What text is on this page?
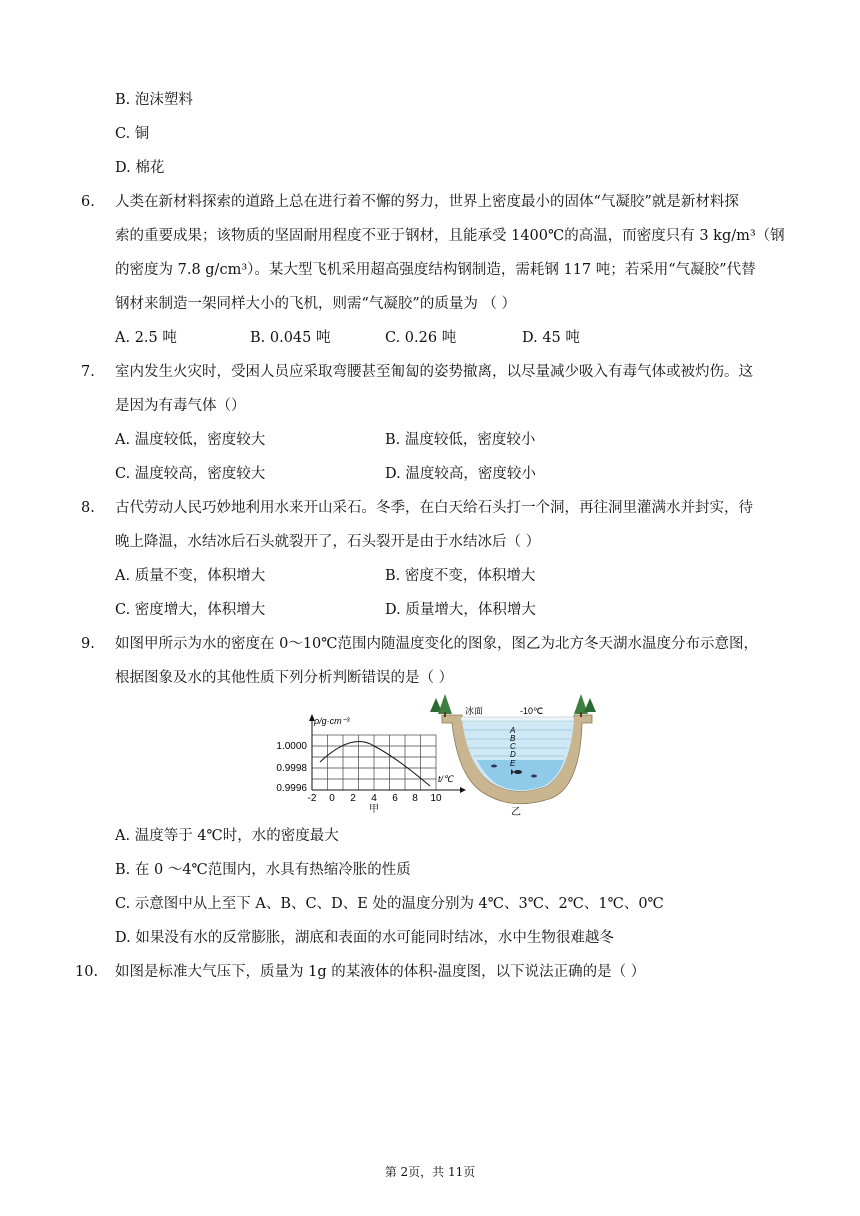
B. 泡沫塑料
C. 铜
D. 棉花
6. 人类在新材料探索的道路上总在进行着不懈的努力，世界上密度最小的固体“气凝胶”就是新材料探
索的重要成果；该物质的坚固耐用程度不亚于钢材，且能承受 1400℃的高温，而密度只有 3 kg/m³（钢
的密度为 7.8 g/cm³）。某大型飞机采用超高强度结构钢制造，需耗钢 117 吨；若采用“气凝胶”代替
钢材来制造一架同样大小的飞机，则需“气凝胶”的质量为 （ ）
A. 2.5 吨	B. 0.045 吨	C. 0.26 吨	D. 45 吨
7. 室内发生火灾时，受困人员应采取弯腰甚至匍匐的姿势撤离，以尽量减少吸入有毒气体或被灼伤。这
是因为有毒气体（）
A. 温度较低，密度较大	B. 温度较低，密度较小
C. 温度较高，密度较大	D. 温度较高，密度较小
8. 古代劳动人民巧妙地利用水来开山采石。冬季，在白天给石头打一个洞，再往洞里灌满水并封实，待
晚上降温，水结冰后石头就裂开了，石头裂开是由于水结冰后（ ）
A. 质量不变，体积增大	B. 密度不变，体积增大
C. 密度增大，体积增大	D. 质量增大，体积增大
9. 如图甲所示为水的密度在 0～10℃范围内随温度变化的图象，图乙为北方冬天湖水温度分布示意图，
根据图象及水的其他性质下列分析判断错误的是（ ）
ρ/g·cm⁻³
1.0000
0.9998
0.9996
-2 0 2 4 6 8 10
t/℃
甲
A
B
C
D
E
冰面	-10℃
乙
A. 温度等于 4℃时，水的密度最大
B. 在 0 ～4℃范围内，水具有热缩冷胀的性质
C. 示意图中从上至下 A、B、C、D、E 处的温度分别为 4℃、3℃、2℃、1℃、0℃
D. 如果没有水的反常膨胀，湖底和表面的水可能同时结冰，水中生物很难越冬
10. 如图是标准大气压下，质量为 1g 的某液体的体积-温度图，以下说法正确的是（ ）
第 2页，共 11页
